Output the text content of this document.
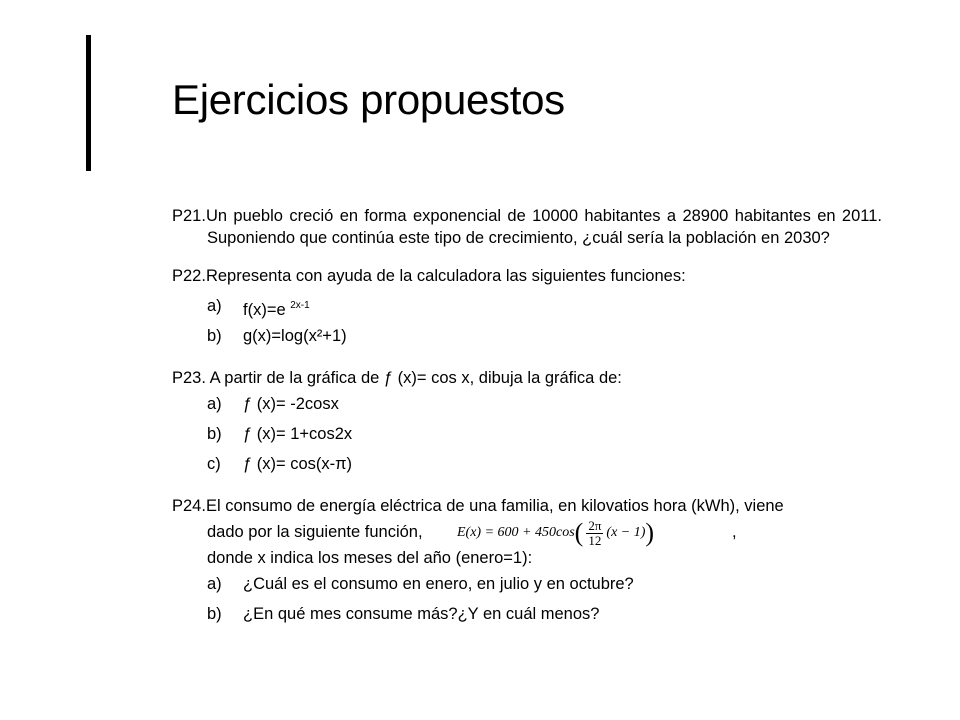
Ejercicios propuestos

P21.Un pueblo creció en forma exponencial de 10000 habitantes a 28900 habitantes en 2011. Suponiendo que continúa este tipo de crecimiento, ¿cuál sería la población en 2030?

P22.Representa con ayuda de la calculadora las siguientes funciones:

a) f(x)=e $^{2x-1}$
b) g(x)=log(x²+1)

P23. A partir de la gráfica de ƒ (x)= cos x, dibuja la gráfica de:

a) ƒ (x)= -2cosx
b) ƒ (x)= 1+cos2x
c) ƒ (x)= cos(x-π)

P24.El consumo de energía eléctrica de una familia, en kilovatios hora (kWh), viene

dado por la siguiente función, E(x) = 600 + 450cos ( $\frac{2\pi}{12} (x - 1)$ )	,
donde x indica los meses del año (enero=1):
a) ¿Cuál es el consumo en enero, en julio y en octubre?
b) ¿En qué mes consume más?¿Y en cuál menos?
